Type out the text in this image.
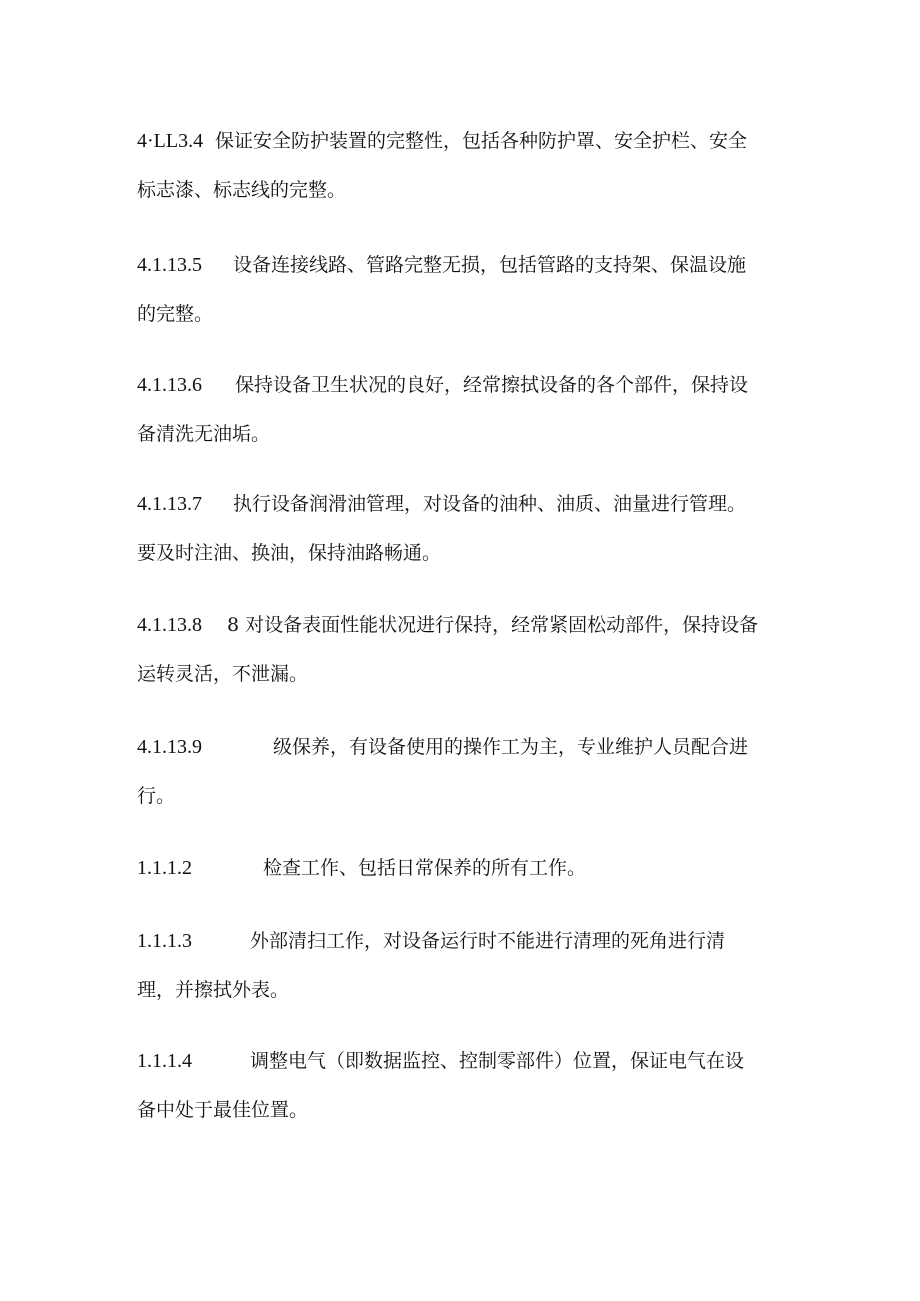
4·LL3.4 保证安全防护装置的完整性，包括各种防护罩、安全护栏、安全
标志漆、标志线的完整。
4.1.13.5 设备连接线路、管路完整无损，包括管路的支持架、保温设施
的完整。
4.1.13.6 保持设备卫生状况的良好，经常擦拭设备的各个部件，保持设
备清洗无油垢。
4.1.13.7 执行设备润滑油管理，对设备的油种、油质、油量进行管理。
要及时注油、换油，保持油路畅通。
4.1.13.8 8 对设备表面性能状况进行保持，经常紧固松动部件，保持设备
运转灵活，不泄漏。
4.1.13.9	级保养，有设备使用的操作工为主，专业维护人员配合进
行。
1.1.1.2	检查工作、包括日常保养的所有工作。
1.1.1.3	外部清扫工作，对设备运行时不能进行清理的死角进行清
理，并擦拭外表。
1.1.1.4	调整电气（即数据监控、控制零部件）位置，保证电气在设
备中处于最佳位置。
